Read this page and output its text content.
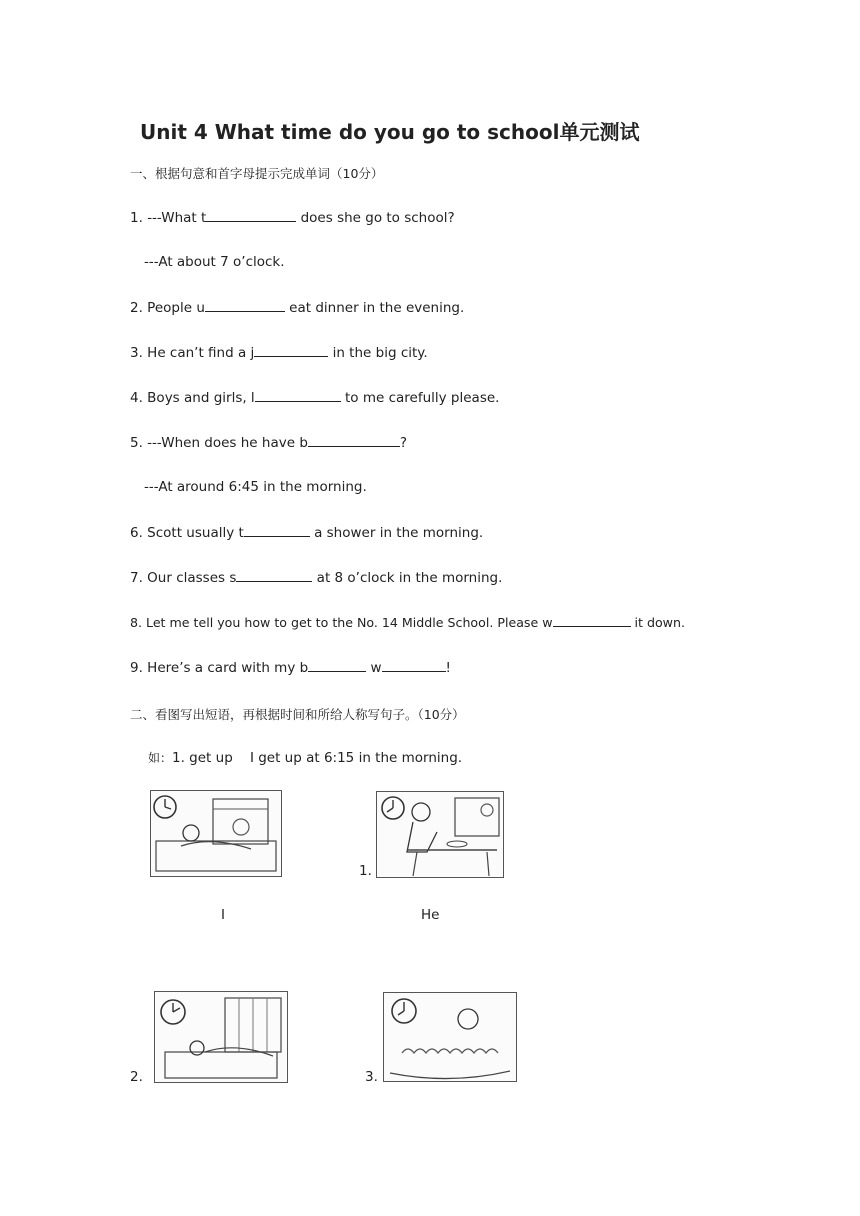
Unit 4 What time do you go to school单元测试
一、根据句意和首字母提示完成单词（10分）
1. ---What t	does she go to school?
---At about 7 o’clock.
2. People u	eat dinner in the evening.
3. He can’t find a j	in the big city.
4. Boys and girls, l	to me carefully please.
5. ---When does he have b	?
---At around 6:45 in the morning.
6. Scott usually t	a shower in the morning.
7. Our classes s	at 8 o’clock in the morning.
8. Let me tell you how to get to the No. 14 Middle School. Please w	it down.
9. Here’s a card with my b	w	!
二、看图写出短语，再根据时间和所给人称写句子。（10分）
如：1. get up I get up at 6:15 in the morning.
1.
I	He
2.	3.
